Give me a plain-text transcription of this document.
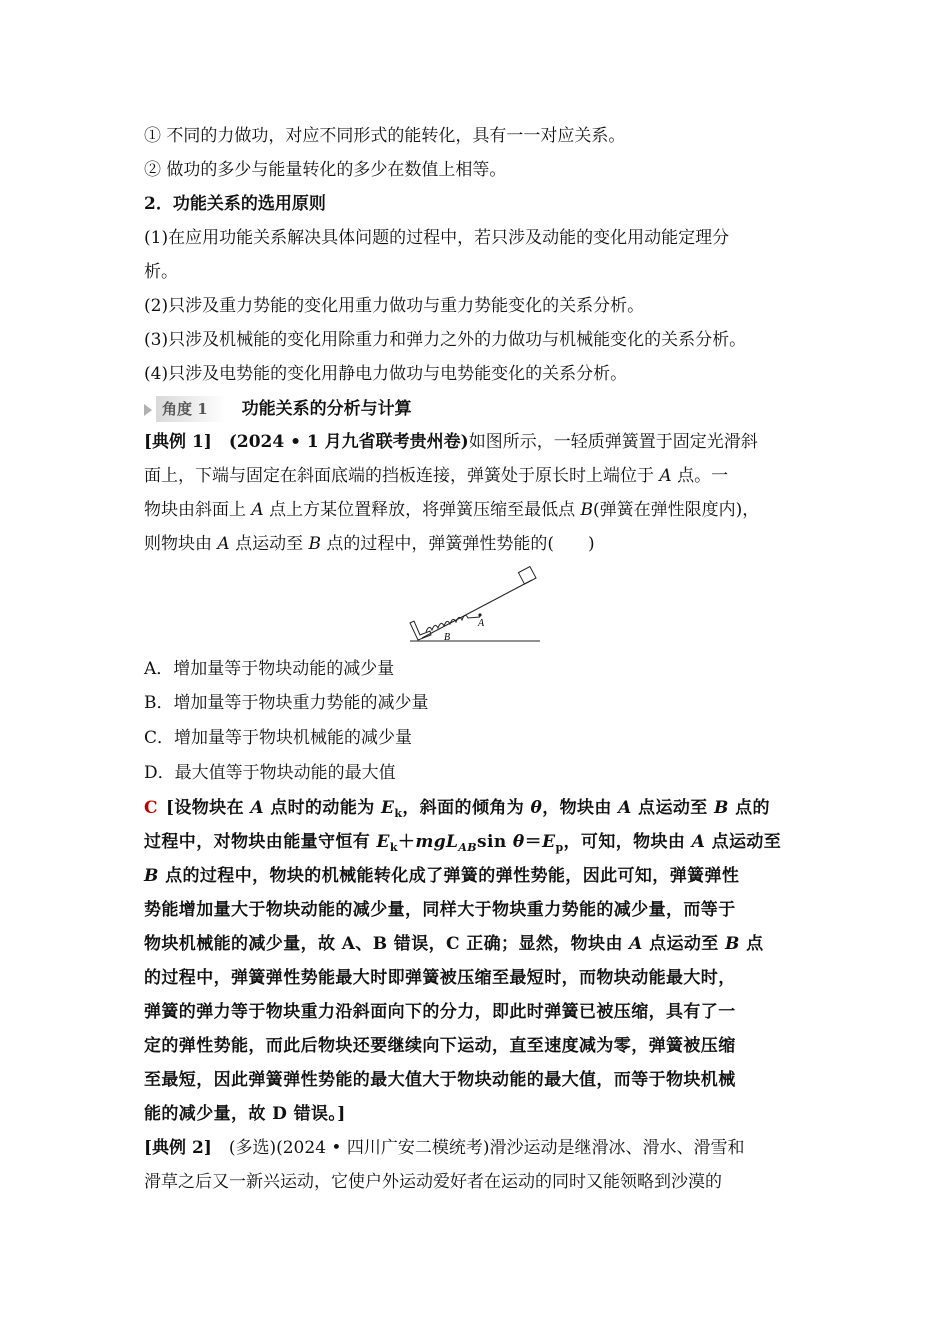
① 不同的力做功，对应不同形式的能转化，具有一一对应关系。
② 做功的多少与能量转化的多少在数值上相等。
2．功能关系的选用原则
(1)在应用功能关系解决具体问题的过程中，若只涉及动能的变化用动能定理分
析。
(2)只涉及重力势能的变化用重力做功与重力势能变化的关系分析。
(3)只涉及机械能的变化用除重力和弹力之外的力做功与机械能变化的关系分析。
(4)只涉及电势能的变化用静电力做功与电势能变化的关系分析。
角度 1 功能关系的分析与计算
[典例 1]　 (2024 • 1 月九省联考贵州卷)如图所示，一轻质弹簧置于固定光滑斜
面上，下端与固定在斜面底端的挡板连接，弹簧处于原长时上端位于 A 点。一
物块由斜面上 A 点上方某位置释放，将弹簧压缩至最低点 B(弹簧在弹性限度内)，
则物块由 A 点运动至 B 点的过程中，弹簧弹性势能的(　　)
A
B
A．增加量等于物块动能的减少量
B．增加量等于物块重力势能的减少量
C．增加量等于物块机械能的减少量
D．最大值等于物块动能的最大值
C [设物块在 A 点时的动能为 $E_k$，斜面的倾角为 θ，物块由 A 点运动至 B 点的
过程中，对物块由能量守恒有 $E_k+mgL_{AB}\sin$ $\theta=E_p$，可知，物块由 A 点运动至
B 点的过程中，物块的机械能转化成了弹簧的弹性势能，因此可知，弹簧弹性
势能增加量大于物块动能的减少量，同样大于物块重力势能的减少量，而等于
物块机械能的减少量，故 A、B 错误，C 正确；显然，物块由 A 点运动至 B 点
的过程中，弹簧弹性势能最大时即弹簧被压缩至最短时，而物块动能最大时，
弹簧的弹力等于物块重力沿斜面向下的分力，即此时弹簧已被压缩，具有了一
定的弹性势能，而此后物块还要继续向下运动，直至速度减为零，弹簧被压缩
至最短，因此弹簧弹性势能的最大值大于物块动能的最大值，而等于物块机械
能的减少量，故 D 错误。]
[典例 2]　 (多选)(2024 • 四川广安二模统考)滑沙运动是继滑冰、滑水、滑雪和
滑草之后又一新兴运动，它使户外运动爱好者在运动的同时又能领略到沙漠的
